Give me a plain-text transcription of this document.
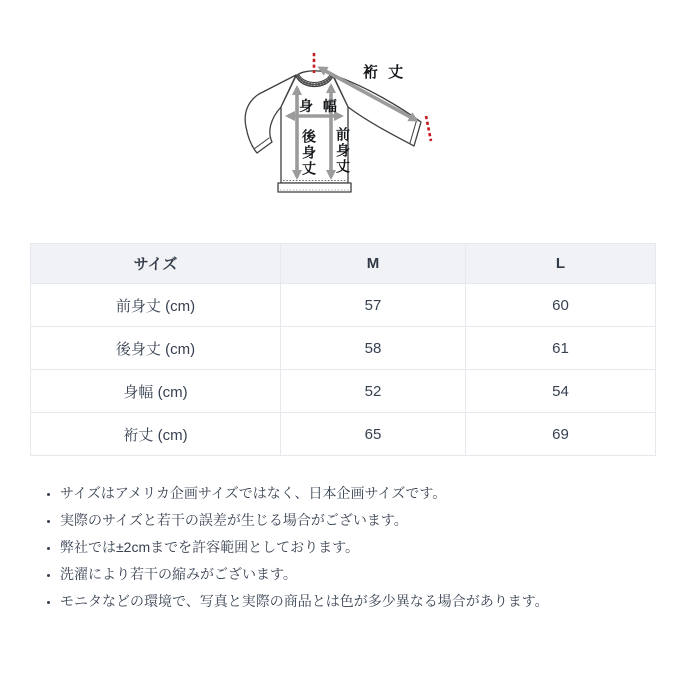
裄 丈
身 幅
後身丈 前身丈
サイズ	M	L
前身丈 (cm)	57	60
後身丈 (cm)	58	61
身幅 (cm)	52	54
裄丈 (cm)	65	69
• サイズはアメリカ企画サイズではなく、日本企画サイズです。
• 実際のサイズと若干の誤差が生じる場合がございます。
• 弊社では±2cmまでを許容範囲としております。
• 洗濯により若干の縮みがございます。
• モニタなどの環境で、写真と実際の商品とは色が多少異なる場合があります。
